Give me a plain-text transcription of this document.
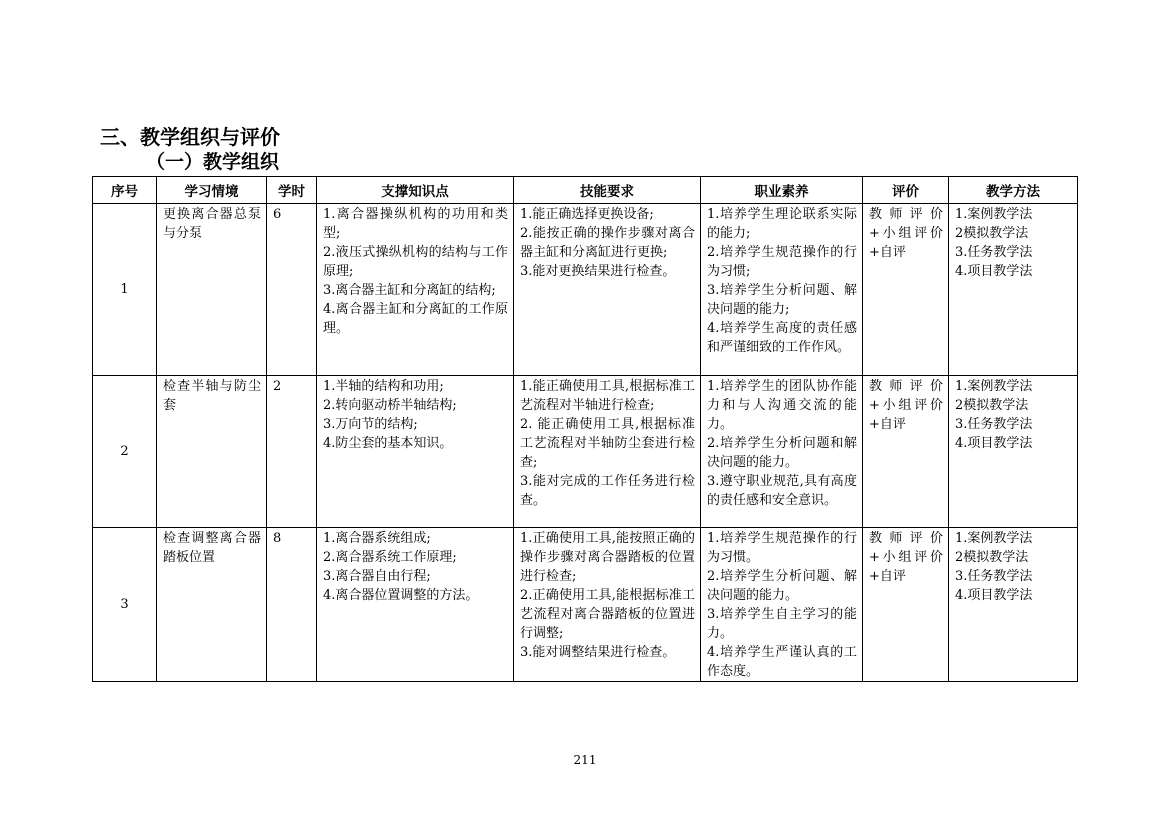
三、教学组织与评价
（一）教学组织
序号	学习情境	学时	支撑知识点	技能要求	职业素养	评价	教学方法
1	更换离合器总泵与分泵	6	1.离合器操纵机构的功用和类型;
2.液压式操纵机构的结构与工作原理;
3.离合器主缸和分离缸的结构;
4.离合器主缸和分离缸的工作原理。	1.能正确选择更换设备;
2.能按正确的操作步骤对离合器主缸和分离缸进行更换;
3.能对更换结果进行检查。	1.培养学生理论联系实际的能力;
2.培养学生规范操作的行为习惯;
3.培养学生分析问题、解决问题的能力;
4.培养学生高度的责任感和严谨细致的工作作风。	教师评价+小组评价+自评	1.案例教学法
2模拟教学法
3.任务教学法
4.项目教学法

2	检查半轴与防尘套	2	1.半轴的结构和功用;
2.转向驱动桥半轴结构;
3.万向节的结构;
4.防尘套的基本知识。	1.能正确使用工具,根据标准工艺流程对半轴进行检查;
2. 能正确使用工具,根据标准工艺流程对半轴防尘套进行检查;
3.能对完成的工作任务进行检查。	1.培养学生的团队协作能力和与人沟通交流的能力。
2.培养学生分析问题和解决问题的能力。
3.遵守职业规范,具有高度的责任感和安全意识。	教师评价+小组评价+自评	1.案例教学法
2模拟教学法
3.任务教学法
4.项目教学法

3	检查调整离合器踏板位置	8	1.离合器系统组成;
2.离合器系统工作原理;
3.离合器自由行程;
4.离合器位置调整的方法。	1.正确使用工具,能按照正确的操作步骤对离合器踏板的位置进行检查;
2.正确使用工具,能根据标准工艺流程对离合器踏板的位置进行调整;
3.能对调整结果进行检查。	1.培养学生规范操作的行为习惯。
2.培养学生分析问题、解决问题的能力。
3.培养学生自主学习的能力。
4.培养学生严谨认真的工作态度。	教师评价+小组评价+自评	1.案例教学法
2模拟教学法
3.任务教学法
4.项目教学法
211
